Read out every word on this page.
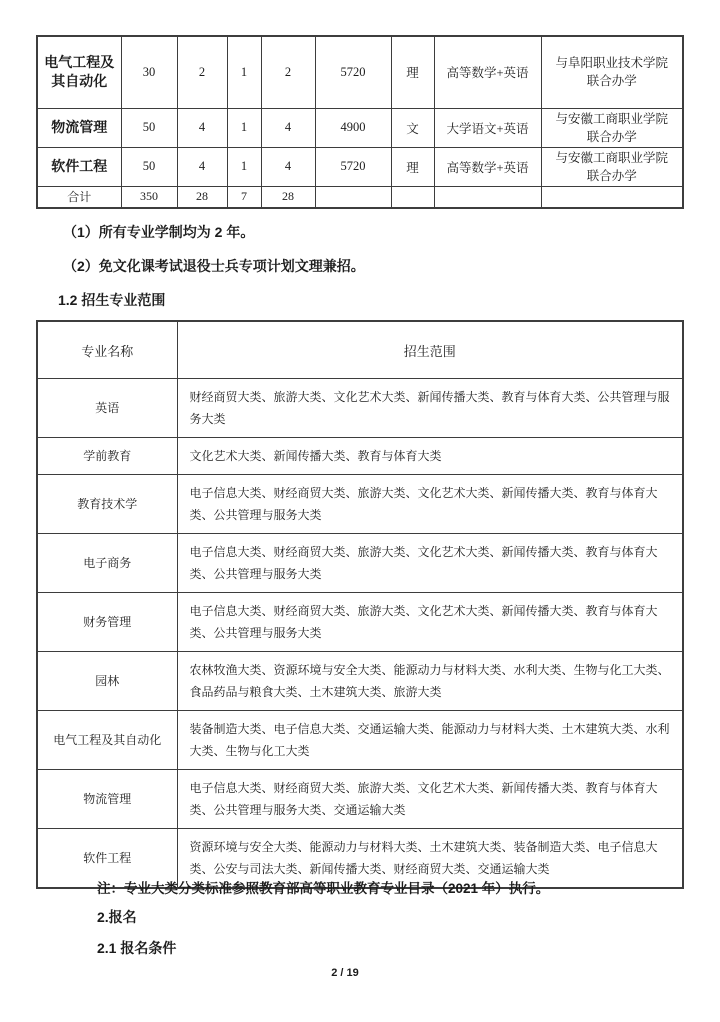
电气工程及其自动化	30	2	1	2	5720	理	高等数学+英语	与阜阳职业技术学院联合办学
物流管理	50	4	1	4	4900	文	大学语文+英语	与安徽工商职业学院联合办学
软件工程	50	4	1	4	5720	理	高等数学+英语	与安徽工商职业学院联合办学
合计	350	28	7	28				
（1）所有专业学制均为 2 年。
（2）免文化课考试退役士兵专项计划文理兼招。
1.2 招生专业范围
专业名称	招生范围
英语	财经商贸大类、旅游大类、文化艺术大类、新闻传播大类、教育与体育大类、公共管理与服务大类
学前教育	文化艺术大类、新闻传播大类、教育与体育大类
教育技术学	电子信息大类、财经商贸大类、旅游大类、文化艺术大类、新闻传播大类、教育与体育大类、公共管理与服务大类
电子商务	电子信息大类、财经商贸大类、旅游大类、文化艺术大类、新闻传播大类、教育与体育大类、公共管理与服务大类
财务管理	电子信息大类、财经商贸大类、旅游大类、文化艺术大类、新闻传播大类、教育与体育大类、公共管理与服务大类
园林	农林牧渔大类、资源环境与安全大类、能源动力与材料大类、水利大类、生物与化工大类、食品药品与粮食大类、土木建筑大类、旅游大类
电气工程及其自动化	装备制造大类、电子信息大类、交通运输大类、能源动力与材料大类、土木建筑大类、水利大类、生物与化工大类
物流管理	电子信息大类、财经商贸大类、旅游大类、文化艺术大类、新闻传播大类、教育与体育大类、公共管理与服务大类、交通运输大类
软件工程	资源环境与安全大类、能源动力与材料大类、土木建筑大类、装备制造大类、电子信息大类、公安与司法大类、新闻传播大类、财经商贸大类、交通运输大类
注：专业大类分类标准参照教育部高等职业教育专业目录（2021 年）执行。
2.报名
2.1 报名条件
2 / 19
